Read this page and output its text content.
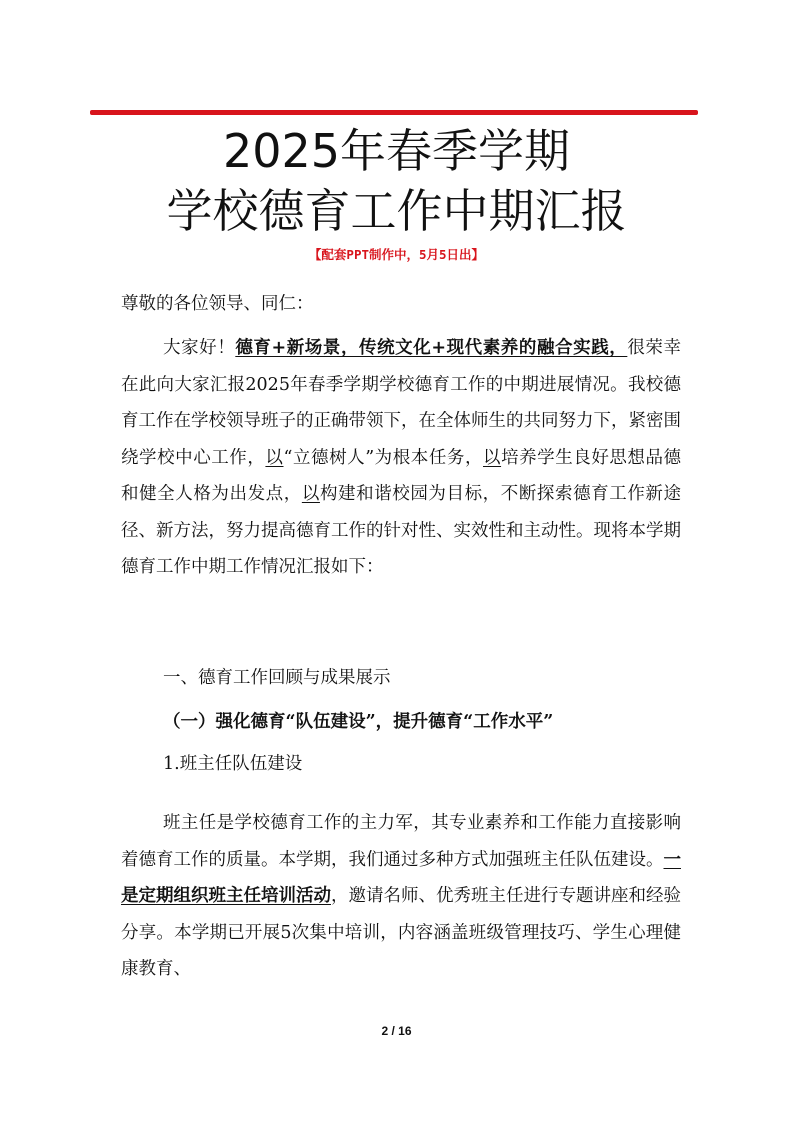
2025年春季学期
学校德育工作中期汇报
【配套PPT制作中，5月5日出】
尊敬的各位领导、同仁：
大家好！德育+新场景，传统文化+现代素养的融合实践，很荣幸在此向大家汇报2025年春季学期学校德育工作的中期进展情况。我校德育工作在学校领导班子的正确带领下，在全体师生的共同努力下，紧密围绕学校中心工作，以“立德树人”为根本任务，以培养学生良好思想品德和健全人格为出发点，以构建和谐校园为目标，不断探索德育工作新途径、新方法，努力提高德育工作的针对性、实效性和主动性。现将本学期德育工作中期工作情况汇报如下：
一、德育工作回顾与成果展示
（一）强化德育“队伍建设”，提升德育“工作水平”
1.班主任队伍建设
班主任是学校德育工作的主力军，其专业素养和工作能力直接影响着德育工作的质量。本学期，我们通过多种方式加强班主任队伍建设。一是定期组织班主任培训活动，邀请名师、优秀班主任进行专题讲座和经验分享。本学期已开展5次集中培训，内容涵盖班级管理技巧、学生心理健康教育、
2 / 16
